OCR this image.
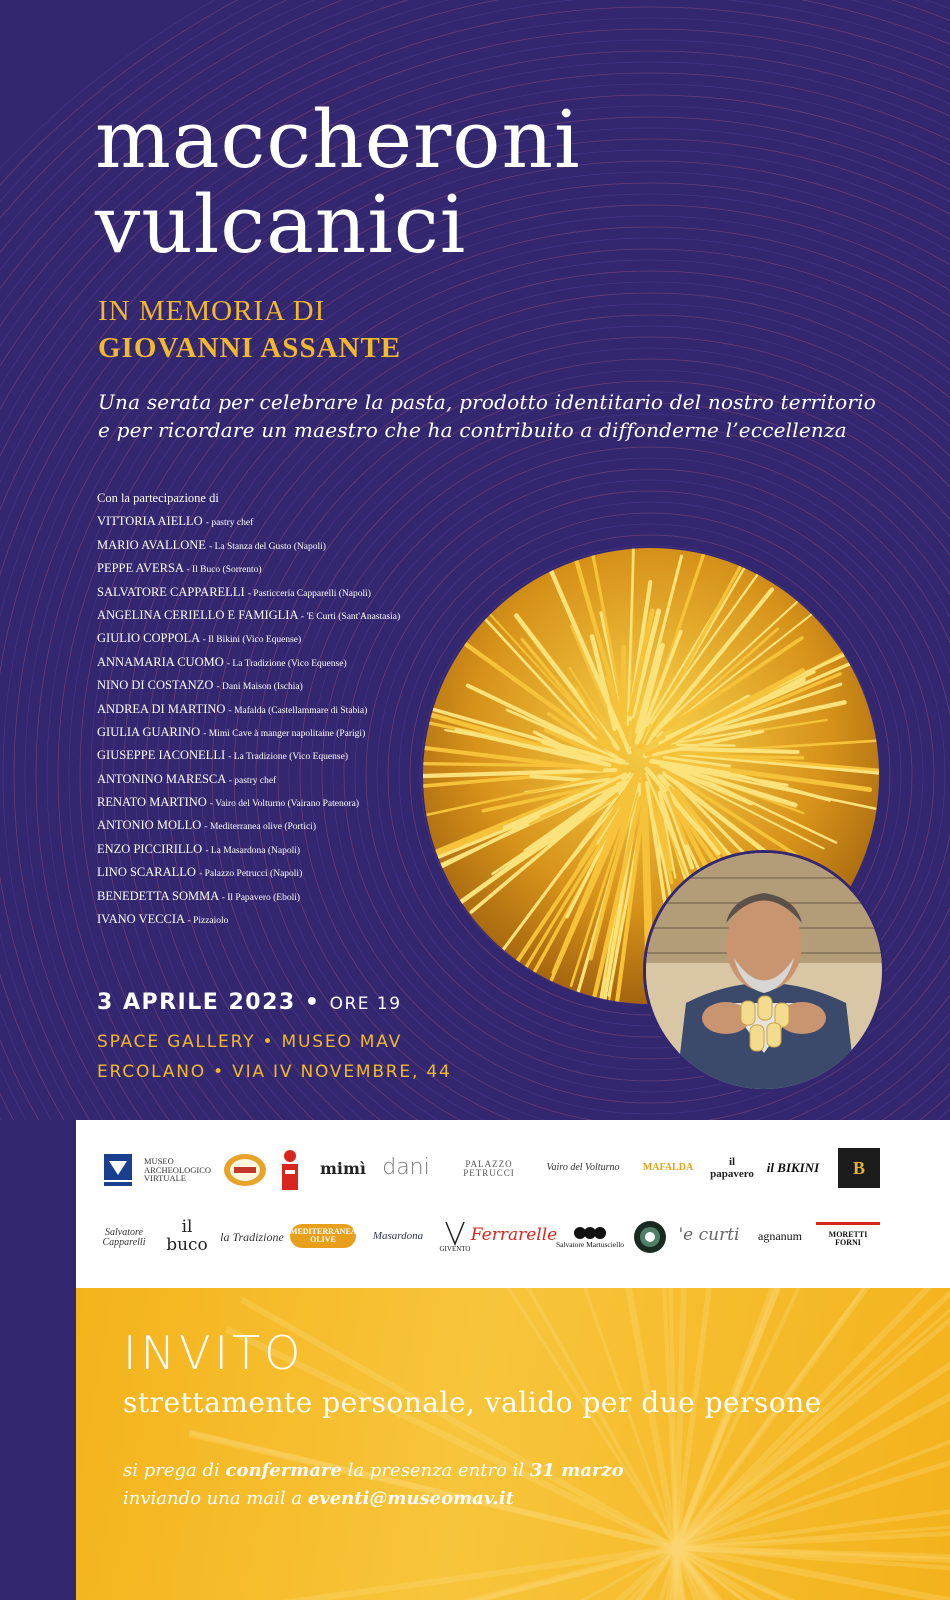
maccheroni
vulcanici
IN MEMORIA DI
GIOVANNI ASSANTE
Una serata per celebrare la pasta, prodotto identitario del nostro territorio
e per ricordare un maestro che ha contribuito a diffonderne l’eccellenza
Con la partecipazione di
VITTORIA AIELLO - pastry chef
MARIO AVALLONE - La Stanza del Gusto (Napoli)
PEPPE AVERSA - Il Buco (Sorrento)
SALVATORE CAPPARELLI - Pasticceria Capparelli (Napoli)
ANGELINA CERIELLO E FAMIGLIA - 'E Curti (Sant'Anastasia)
GIULIO COPPOLA - Il Bikini (Vico Equense)
ANNAMARIA CUOMO - La Tradizione (Vico Equense)
NINO DI COSTANZO - Dani Maison (Ischia)
ANDREA DI MARTINO - Mafalda (Castellammare di Stabia)
GIULIA GUARINO - Mimì Cave à manger napolitaine (Parigi)
GIUSEPPE IACONELLI - La Tradizione (Vico Equense)
ANTONINO MARESCA - pastry chef
RENATO MARTINO - Vairo del Volturno (Vairano Patenora)
ANTONIO MOLLO - Mediterranea olive (Portici)
ENZO PICCIRILLO - La Masardona (Napoli)
LINO SCARALLO - Palazzo Petrucci (Napoli)
BENEDETTA SOMMA - Il Papavero (Eboli)
IVANO VECCIA - Pizzaiolo
3 APRILE 2023 • ORE 19
SPACE GALLERY • MUSEO MAV
ERCOLANO • VIA IV NOVEMBRE, 44
MUSEO ARCHEOLOGICO VIRTUALE
mimì dani	PALAZZO PETRUCCI
Vairo del Volturno	MAFALDA	il papavero il BIKINI	B
Salvatore Capparelli
il buco	la Tradizione MEDITERRANEA OLIVE	Masardona
GIVENTO
Ferrarelle
Salvatore Martusciello	'e curti	agnanum	MORETTI FORNI
INVITO
strettamente personale, valido per due persone
si prega di confermare la presenza entro il 31 marzo
inviando una mail a eventi@museomav.it
